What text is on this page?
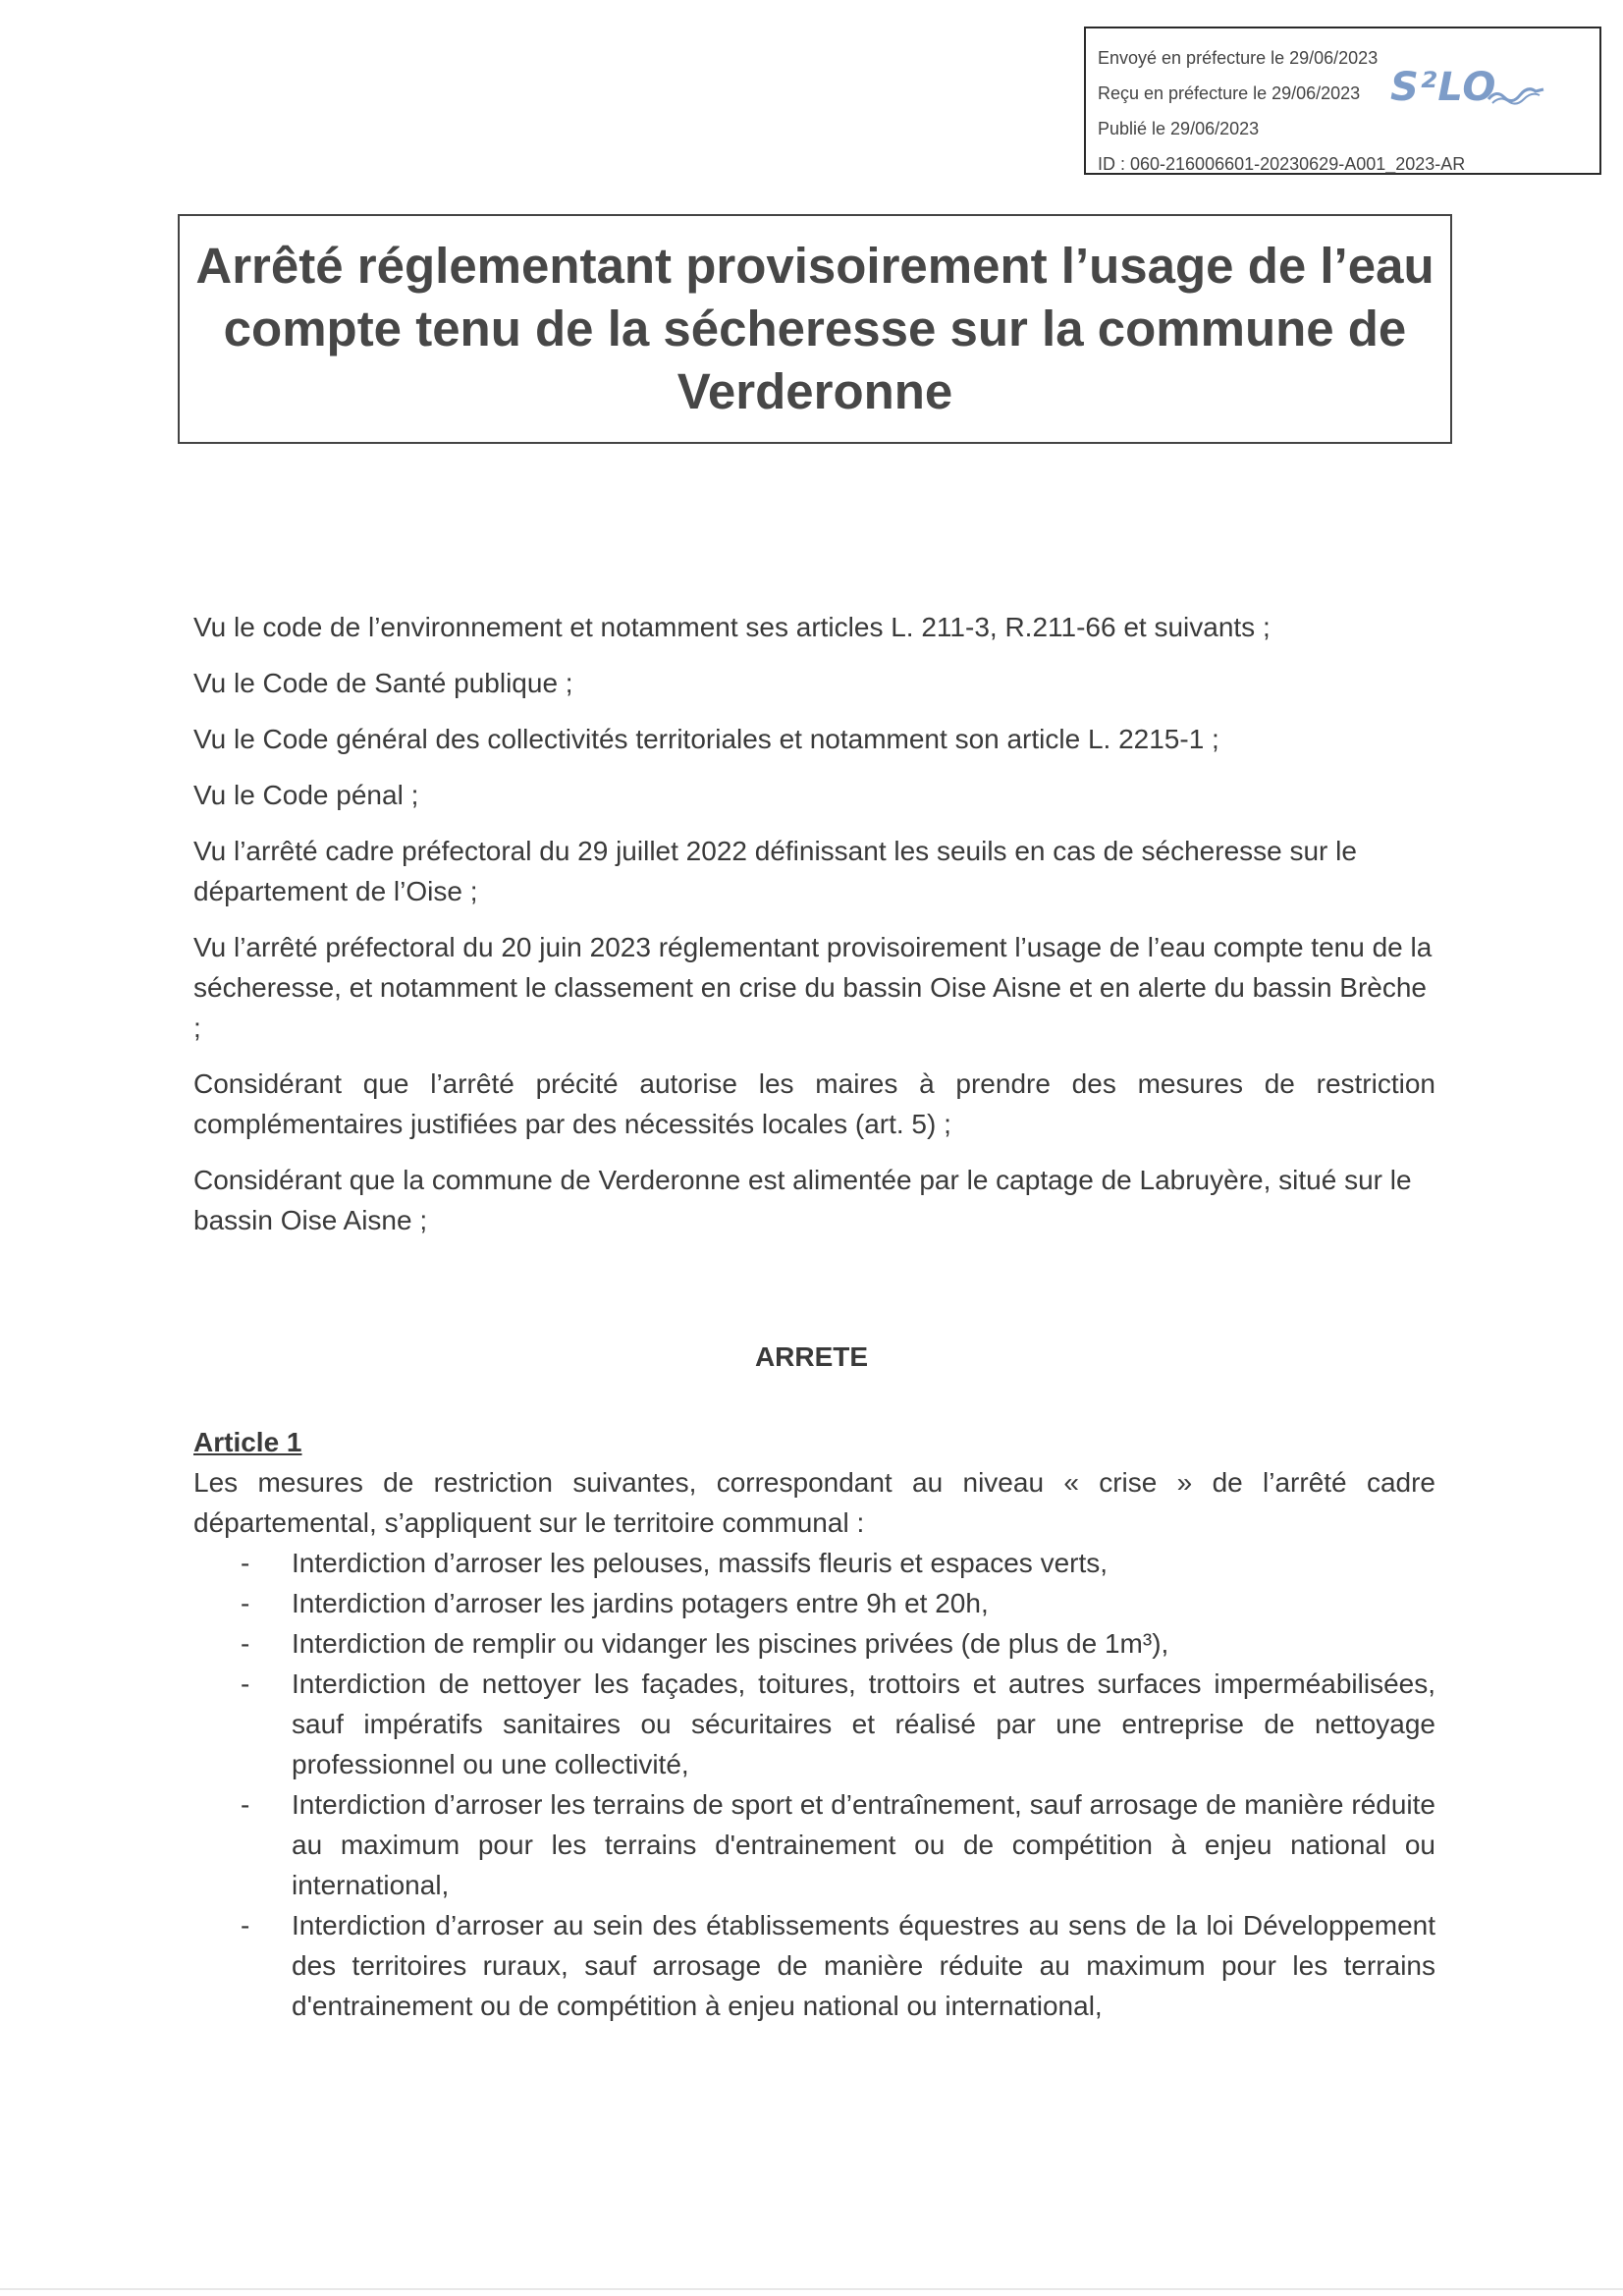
Envoyé en préfecture le 29/06/2023
Reçu en préfecture le 29/06/2023
Publié le 29/06/2023
ID : 060-216006601-20230629-A001_2023-AR
S²LO
Arrêté réglementant provisoirement l’usage de l’eau compte tenu de la sécheresse sur la commune de Verderonne

Vu le code de l’environnement et notamment ses articles L. 211-3, R.211-66 et suivants ;

Vu le Code de Santé publique ;

Vu le Code général des collectivités territoriales et notamment son article L. 2215-1 ;

Vu le Code pénal ;

Vu l’arrêté cadre préfectoral du 29 juillet 2022 définissant les seuils en cas de sécheresse sur le département de l’Oise ;

Vu l’arrêté préfectoral du 20 juin 2023 réglementant provisoirement l’usage de l’eau compte tenu de la sécheresse, et notamment le classement en crise du bassin Oise Aisne et en alerte du bassin Brèche ;

Considérant que l’arrêté précité autorise les maires à prendre des mesures de restriction complémentaires justifiées par des nécessités locales (art. 5) ;

Considérant que la commune de Verderonne est alimentée par le captage de Labruyère, situé sur le bassin Oise Aisne ;

ARRETE

Article 1

Les mesures de restriction suivantes, correspondant au niveau « crise » de l’arrêté cadre départemental, s’appliquent sur le territoire communal :

- Interdiction d’arroser les pelouses, massifs fleuris et espaces verts,
- Interdiction d’arroser les jardins potagers entre 9h et 20h,
- Interdiction de remplir ou vidanger les piscines privées (de plus de 1m³),
- Interdiction de nettoyer les façades, toitures, trottoirs et autres surfaces imperméabilisées, sauf impératifs sanitaires ou sécuritaires et réalisé par une entreprise de nettoyage professionnel ou une collectivité,
- Interdiction d’arroser les terrains de sport et d’entraînement, sauf arrosage de manière réduite au maximum pour les terrains d'entrainement ou de compétition à enjeu national ou international,
- Interdiction d’arroser au sein des établissements équestres au sens de la loi Développement des territoires ruraux, sauf arrosage de manière réduite au maximum pour les terrains d'entrainement ou de compétition à enjeu national ou international,
